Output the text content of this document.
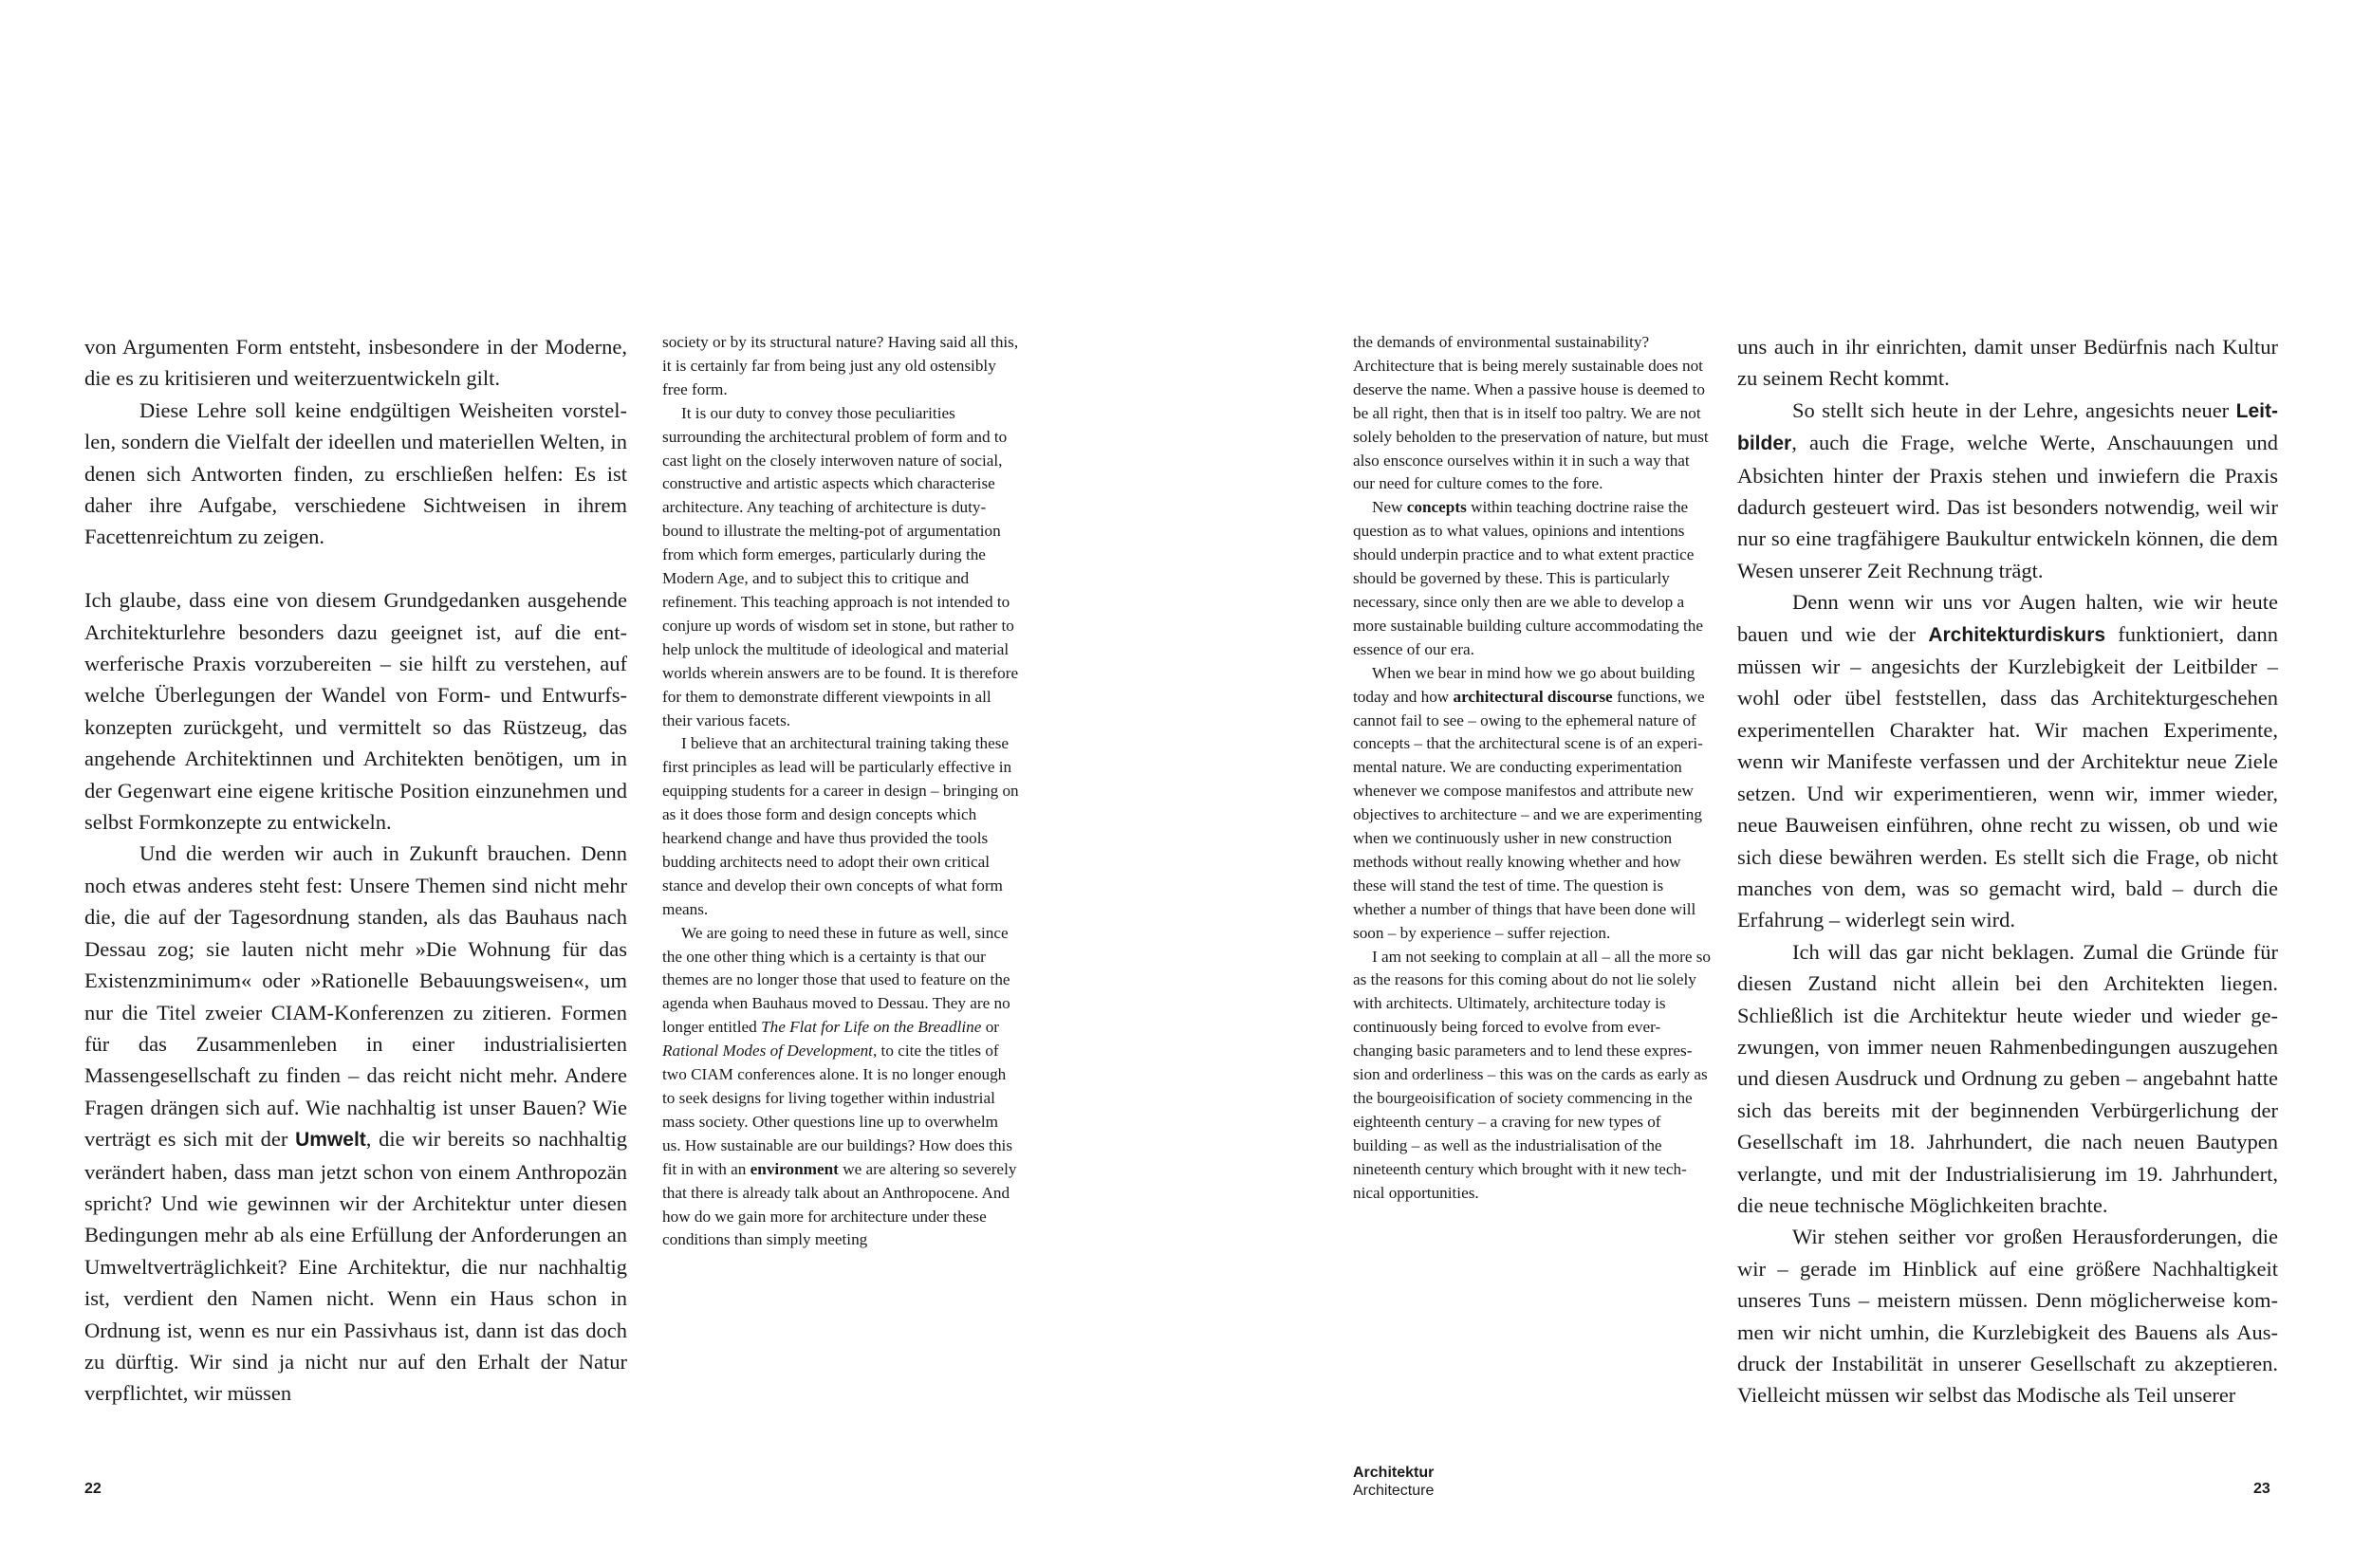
von Argumenten Form entsteht, insbesondere in der Moderne, die es zu kritisieren und weiterzuentwickeln gilt.

Diese Lehre soll keine endgültigen Weisheiten vorstellen, sondern die Vielfalt der ideellen und materiellen Welten, in denen sich Antworten finden, zu erschließen helfen: Es ist daher ihre Aufgabe, verschiedene Sichtweisen in ihrem Facettenreichtum zu zeigen.

Ich glaube, dass eine von diesem Grundgedanken ausgehende Architekturlehre besonders dazu geeignet ist, auf die entwerferische Praxis vorzubereiten – sie hilft zu verstehen, auf welche Überlegungen der Wandel von Form- und Entwurfskonzepten zurückgeht, und vermittelt so das Rüstzeug, das angehende Architektinnen und Architekten benötigen, um in der Gegenwart eine eigene kritische Position einzunehmen und selbst Formkonzepte zu entwickeln.

Und die werden wir auch in Zukunft brauchen. Denn noch etwas anderes steht fest: Unsere Themen sind nicht mehr die, die auf der Tagesordnung standen, als das Bauhaus nach Dessau zog; sie lauten nicht mehr »Die Wohnung für das Existenzminimum« oder »Rationelle Bebauungsweisen«, um nur die Titel zweier CIAM-Konferenzen zu zitieren. Formen für das Zusammenleben in einer industrialisierten Massengesellschaft zu finden – das reicht nicht mehr. Andere Fragen drängen sich auf. Wie nachhaltig ist unser Bauen? Wie verträgt es sich mit der Umwelt, die wir bereits so nachhaltig verändert haben, dass man jetzt schon von einem Anthropozän spricht? Und wie gewinnen wir der Architektur unter diesen Bedingungen mehr ab als eine Erfüllung der Anforderungen an Umweltverträglichkeit? Eine Architektur, die nur nachhaltig ist, verdient den Namen nicht. Wenn ein Haus schon in Ordnung ist, wenn es nur ein Passivhaus ist, dann ist das doch zu dürftig. Wir sind ja nicht nur auf den Erhalt der Natur verpflichtet, wir müssen

society or by its structural nature? Having said all this, it is certainly far from being just any old ostensibly free form.

It is our duty to convey those peculiarities surrounding the architectural problem of form and to cast light on the closely interwoven nature of social, constructive and artistic aspects which characterise architecture. Any teaching of architecture is duty-bound to illustrate the melting-pot of argumentation from which form emerges, particularly during the Modern Age, and to subject this to critique and refinement. This teaching approach is not intended to conjure up words of wisdom set in stone, but rather to help unlock the multitude of ideological and material worlds wherein answers are to be found. It is therefore for them to demonstrate different viewpoints in all their various facets.

I believe that an architectural training taking these first principles as lead will be particularly effective in equipping students for a career in design – bringing on as it does those form and design concepts which hearkend change and have thus provided the tools budding architects need to adopt their own critical stance and develop their own concepts of what form means.

We are going to need these in future as well, since the one other thing which is a certainty is that our themes are no longer those that used to feature on the agenda when Bauhaus moved to Dessau. They are no longer entitled The Flat for Life on the Breadline or Rational Modes of Development, to cite the titles of two CIAM conferences alone. It is no longer enough to seek designs for living together within industrial mass society. Other questions line up to overwhelm us. How sustainable are our buildings? How does this fit in with an environment we are altering so severely that there is already talk about an Anthropocene. And how do we gain more for architecture under these conditions than simply meeting

22

the demands of environmental sustainability? Architecture that is being merely sustainable does not deserve the name. When a passive house is deemed to be all right, then that is in itself too paltry. We are not solely beholden to the preservation of nature, but must also ensconce ourselves within it in such a way that our need for culture comes to the fore.

New concepts within teaching doctrine raise the question as to what values, opinions and intentions should underpin practice and to what extent practice should be governed by these. This is particularly necessary, since only then are we able to develop a more sustainable building culture accommodating the essence of our era.

When we bear in mind how we go about building today and how architectural discourse functions, we cannot fail to see – owing to the ephemeral nature of concepts – that the architectural scene is of an experimental nature. We are conducting experimentation whenever we compose manifestos and attribute new objectives to architecture – and we are experimenting when we continuously usher in new construction methods without really knowing whether and how these will stand the test of time. The question is whether a number of things that have been done will soon – by experience – suffer rejection.

I am not seeking to complain at all – all the more so as the reasons for this coming about do not lie solely with architects. Ultimately, architecture today is continuously being forced to evolve from ever-changing basic parameters and to lend these expression and orderliness – this was on the cards as early as the bourgeoisification of society commencing in the eighteenth century – a craving for new types of building – as well as the industrialisation of the nineteenth century which brought with it new technical opportunities.

uns auch in ihr einrichten, damit unser Bedürfnis nach Kultur zu seinem Recht kommt.

So stellt sich heute in der Lehre, angesichts neuer Leitbilder, auch die Frage, welche Werte, Anschauungen und Absichten hinter der Praxis stehen und inwiefern die Praxis dadurch gesteuert wird. Das ist besonders notwendig, weil wir nur so eine tragfähigere Baukultur entwickeln können, die dem Wesen unserer Zeit Rechnung trägt.

Denn wenn wir uns vor Augen halten, wie wir heute bauen und wie der Architekturdiskurs funktioniert, dann müssen wir – angesichts der Kurzlebigkeit der Leitbilder – wohl oder übel feststellen, dass das Architekturgeschehen experimentellen Charakter hat. Wir machen Experimente, wenn wir Manifeste verfassen und der Architektur neue Ziele setzen. Und wir experimentieren, wenn wir, immer wieder, neue Bauweisen einführen, ohne recht zu wissen, ob und wie sich diese bewähren werden. Es stellt sich die Frage, ob nicht manches von dem, was so gemacht wird, bald – durch die Erfahrung – widerlegt sein wird.

Ich will das gar nicht beklagen. Zumal die Gründe für diesen Zustand nicht allein bei den Architekten liegen. Schließlich ist die Architektur heute wieder und wieder gezwungen, von immer neuen Rahmenbedingungen auszugehen und diesen Ausdruck und Ordnung zu geben – angebahnt hatte sich das bereits mit der beginnenden Verbürgerlichung der Gesellschaft im 18. Jahrhundert, die nach neuen Bautypen verlangte, und mit der Industrialisierung im 19. Jahrhundert, die neue technische Möglichkeiten brachte.

Wir stehen seither vor großen Herausforderungen, die wir – gerade im Hinblick auf eine größere Nachhaltigkeit unseres Tuns – meistern müssen. Denn möglicherweise kommen wir nicht umhin, die Kurzlebigkeit des Bauens als Ausdruck der Instabilität in unserer Gesellschaft zu akzeptieren. Vielleicht müssen wir selbst das Modische als Teil unserer

Architektur
Architecture	23
